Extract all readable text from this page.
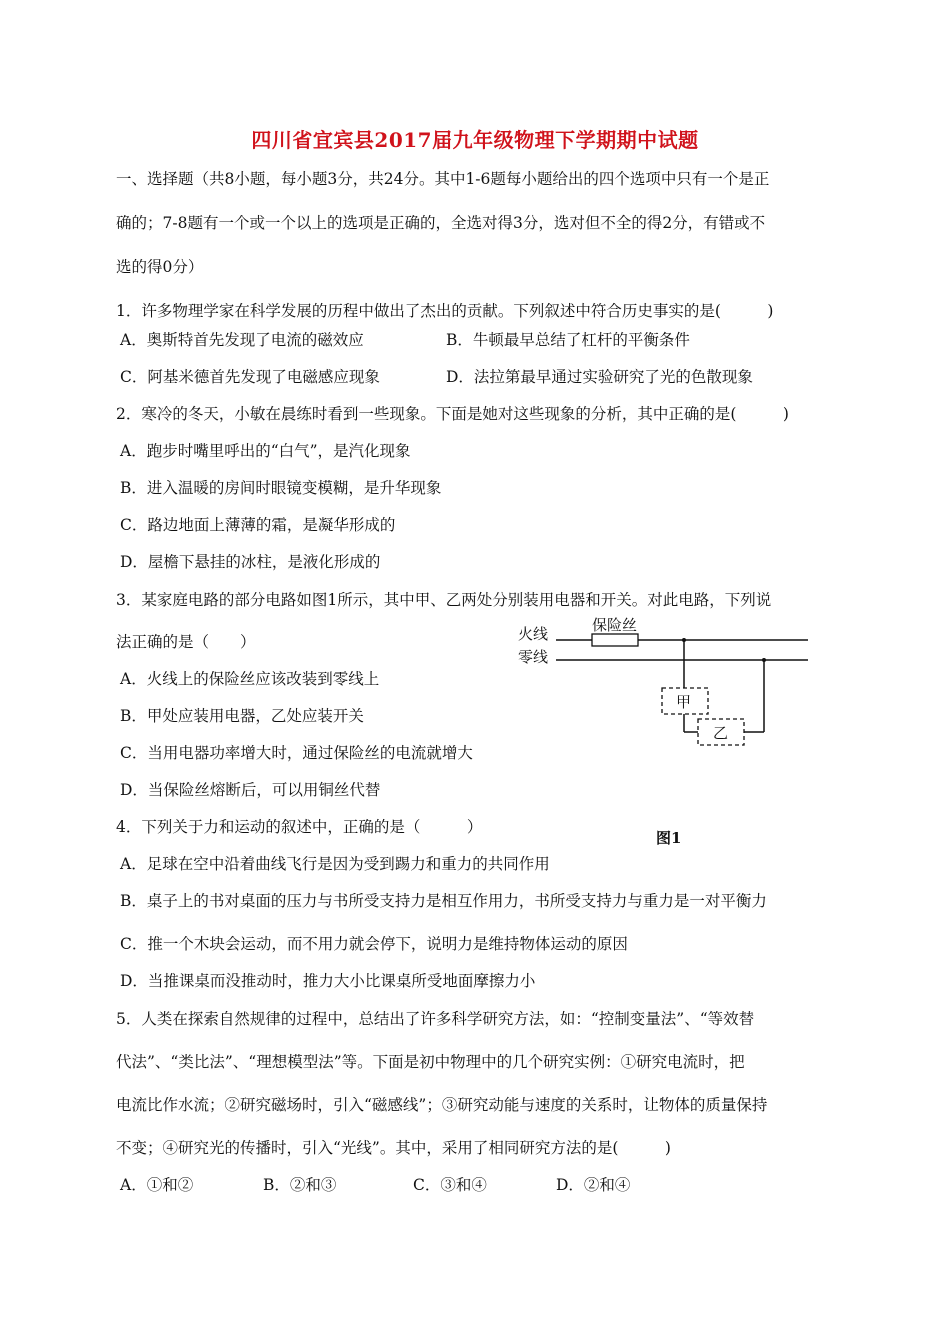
四川省宜宾县2017届九年级物理下学期期中试题
一、选择题（共8小题，每小题3分，共24分。其中1-6题每小题给出的四个选项中只有一个是正
确的；7-8题有一个或一个以上的选项是正确的，全选对得3分，选对但不全的得2分，有错或不
选的得0分）
1．许多物理学家在科学发展的历程中做出了杰出的贡献。下列叙述中符合历史事实的是(　　　)
A．奥斯特首先发现了电流的磁效应	B．牛顿最早总结了杠杆的平衡条件
C．阿基米德首先发现了电磁感应现象	D．法拉第最早通过实验研究了光的色散现象
2．寒冷的冬天，小敏在晨练时看到一些现象。下面是她对这些现象的分析，其中正确的是(　　　)
A．跑步时嘴里呼出的“白气”，是汽化现象
B．进入温暖的房间时眼镜变模糊，是升华现象
C．路边地面上薄薄的霜，是凝华形成的
D．屋檐下悬挂的冰柱，是液化形成的
3．某家庭电路的部分电路如图1所示，其中甲、乙两处分别装用电器和开关。对此电路，下列说
法正确的是（　　）
A．火线上的保险丝应该改装到零线上
B．甲处应装用电器，乙处应装开关
C．当用电器功率增大时，通过保险丝的电流就增大
D．当保险丝熔断后，可以用铜丝代替
火线
零线
保险丝
甲
乙
图1
4．下列关于力和运动的叙述中，正确的是（　　　）
A．足球在空中沿着曲线飞行是因为受到踢力和重力的共同作用
B．桌子上的书对桌面的压力与书所受支持力是相互作用力，书所受支持力与重力是一对平衡力
C．推一个木块会运动，而不用力就会停下，说明力是维持物体运动的原因
D．当推课桌而没推动时，推力大小比课桌所受地面摩擦力小
5．人类在探索自然规律的过程中，总结出了许多科学研究方法，如：“控制变量法”、“等效替
代法”、“类比法”、“理想模型法”等。下面是初中物理中的几个研究实例：①研究电流时，把
电流比作水流；②研究磁场时，引入“磁感线”；③研究动能与速度的关系时，让物体的质量保持
不变；④研究光的传播时，引入“光线”。其中，采用了相同研究方法的是(　　　)
A．①和②	B．②和③	C．③和④	D．②和④
